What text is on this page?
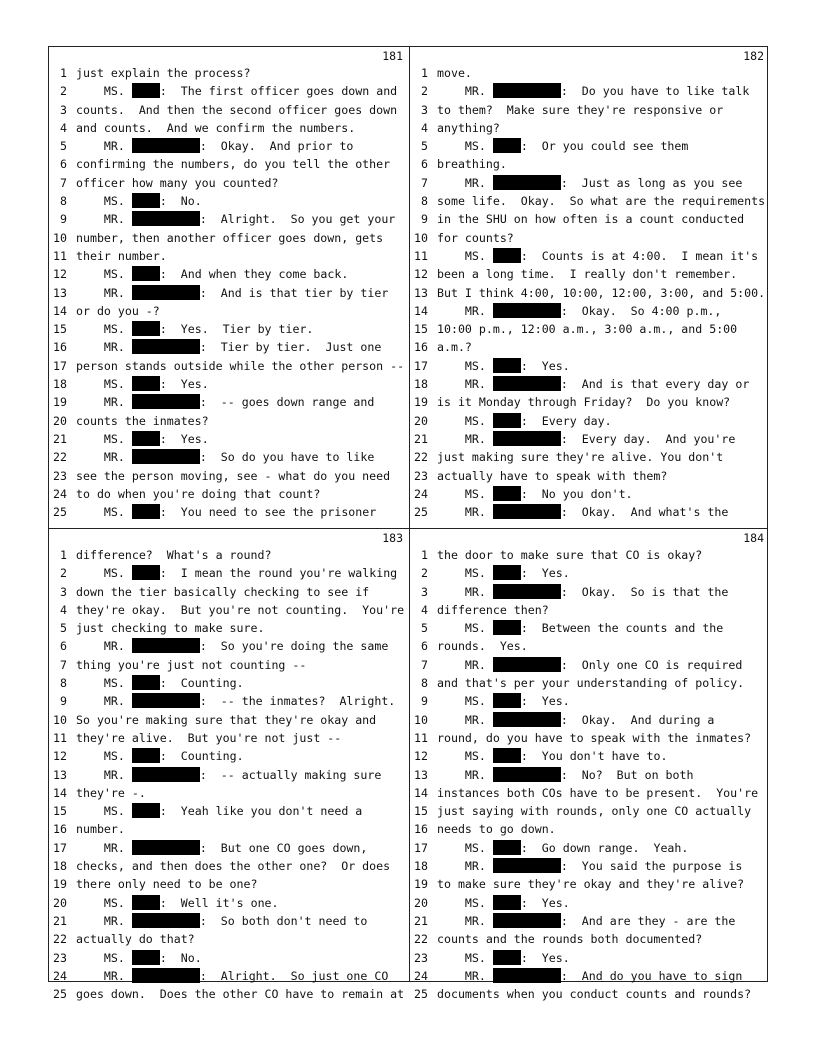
181
1 just explain the process?
2 MS. :  The first officer goes down and
3 counts.  And then the second officer goes down
4 and counts.  And we confirm the numbers.
5 MR.	:  Okay.  And prior to
6 confirming the numbers, do you tell the other
7 officer how many you counted?
8 MS. :  No.
9 MR.	:  Alright.  So you get your
10 number, then another officer goes down, gets
11 their number.
12 MS. :  And when they come back.
13 MR.	:  And is that tier by tier
14 or do you -?
15 MS. :  Yes.  Tier by tier.
16 MR.	:  Tier by tier.  Just one
17 person stands outside while the other person --
18 MS. :  Yes.
19 MR.	:  -- goes down range and
20 counts the inmates?
21 MS. :  Yes.
22 MR.	:  So do you have to like
23 see the person moving, see - what do you need
24 to do when you're doing that count?
25 MS. :  You need to see the prisoner
182
1 move.
2 MR.	:  Do you have to like talk
3 to them?  Make sure they're responsive or
4 anything?
5 MS. :  Or you could see them
6 breathing.
7 MR.	:  Just as long as you see
8 some life.  Okay.  So what are the requirements
9 in the SHU on how often is a count conducted
10 for counts?
11 MS. :  Counts is at 4:00.  I mean it's
12 been a long time.  I really don't remember.
13 But I think 4:00, 10:00, 12:00, 3:00, and 5:00.
14 MR.	:  Okay.  So 4:00 p.m.,
15 10:00 p.m., 12:00 a.m., 3:00 a.m., and 5:00
16 a.m.?
17 MS. :  Yes.
18 MR.	:  And is that every day or
19 is it Monday through Friday?  Do you know?
20 MS. :  Every day.
21 MR.	:  Every day.  And you're
22 just making sure they're alive. You don't
23 actually have to speak with them?
24 MS. :  No you don't.
25 MR.	:  Okay.  And what's the
183
1 difference?  What's a round?
2 MS. :  I mean the round you're walking
3 down the tier basically checking to see if
4 they're okay.  But you're not counting.  You're
5 just checking to make sure.
6 MR.	:  So you're doing the same
7 thing you're just not counting --
8 MS. :  Counting.
9 MR.	:  -- the inmates?  Alright.
10 So you're making sure that they're okay and
11 they're alive.  But you're not just --
12 MS. :  Counting.
13 MR.	:  -- actually making sure
14 they're -.
15 MS. :  Yeah like you don't need a
16 number.
17 MR.	:  But one CO goes down,
18 checks, and then does the other one?  Or does
19 there only need to be one?
20 MS. :  Well it's one.
21 MR.	:  So both don't need to
22 actually do that?
23 MS. :  No.
24 MR.	:  Alright.  So just one CO
25 goes down.  Does the other CO have to remain at
184
1 the door to make sure that CO is okay?
2 MS. :  Yes.
3 MR.	:  Okay.  So is that the
4 difference then?
5 MS. :  Between the counts and the
6 rounds.  Yes.
7 MR.	:  Only one CO is required
8 and that's per your understanding of policy.
9 MS. :  Yes.
10 MR.	:  Okay.  And during a
11 round, do you have to speak with the inmates?
12 MS. :  You don't have to.
13 MR.	:  No?  But on both
14 instances both COs have to be present.  You're
15 just saying with rounds, only one CO actually
16 needs to go down.
17 MS. :  Go down range.  Yeah.
18 MR.	:  You said the purpose is
19 to make sure they're okay and they're alive?
20 MS. :  Yes.
21 MR.	:  And are they - are the
22 counts and the rounds both documented?
23 MS. :  Yes.
24 MR.	:  And do you have to sign
25 documents when you conduct counts and rounds?
